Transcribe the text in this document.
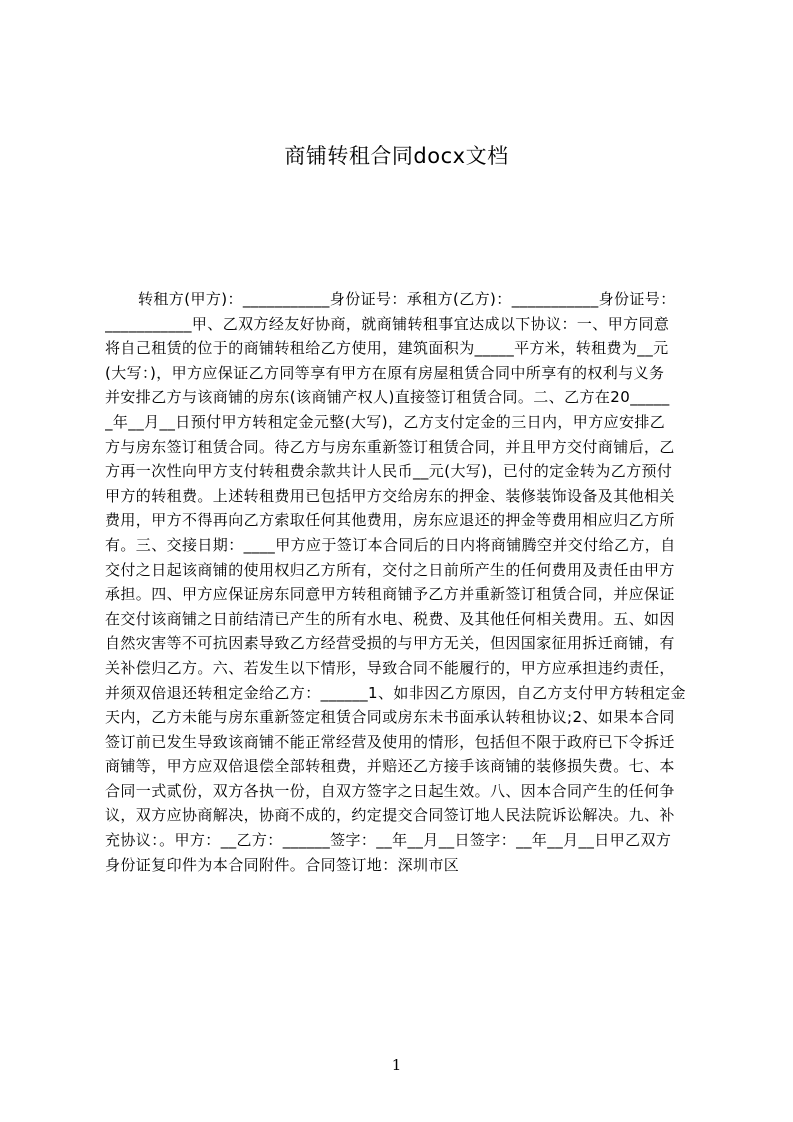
商铺转租合同docx文档
转租方(甲方)：___________身份证号：承租方(乙方)：___________身份证号：
___________甲、乙双方经友好协商，就商铺转租事宜达成以下协议：一、甲方同意
将自己租赁的位于的商铺转租给乙方使用，建筑面积为_____平方米，转租费为__元
(大写：)，甲方应保证乙方同等享有甲方在原有房屋租赁合同中所享有的权利与义务
并安排乙方与该商铺的房东(该商铺产权人)直接签订租赁合同。二、乙方在20_____
_年__月__日预付甲方转租定金元整(大写)，乙方支付定金的三日内，甲方应安排乙
方与房东签订租赁合同。待乙方与房东重新签订租赁合同，并且甲方交付商铺后，乙
方再一次性向甲方支付转租费余款共计人民币__元(大写)，已付的定金转为乙方预付
甲方的转租费。上述转租费用已包括甲方交给房东的押金、装修装饰设备及其他相关
费用，甲方不得再向乙方索取任何其他费用，房东应退还的押金等费用相应归乙方所
有。三、交接日期：____甲方应于签订本合同后的日内将商铺腾空并交付给乙方，自
交付之日起该商铺的使用权归乙方所有，交付之日前所产生的任何费用及责任由甲方
承担。四、甲方应保证房东同意甲方转租商铺予乙方并重新签订租赁合同，并应保证
在交付该商铺之日前结清已产生的所有水电、税费、及其他任何相关费用。五、如因
自然灾害等不可抗因素导致乙方经营受损的与甲方无关，但因国家征用拆迁商铺，有
关补偿归乙方。六、若发生以下情形，导致合同不能履行的，甲方应承担违约责任，
并须双倍退还转租定金给乙方：______1、如非因乙方原因，自乙方支付甲方转租定金
天内，乙方未能与房东重新签定租赁合同或房东未书面承认转租协议;2、如果本合同
签订前已发生导致该商铺不能正常经营及使用的情形，包括但不限于政府已下令拆迁
商铺等，甲方应双倍退偿全部转租费，并赔还乙方接手该商铺的装修损失费。七、本
合同一式贰份，双方各执一份，自双方签字之日起生效。八、因本合同产生的任何争
议，双方应协商解决，协商不成的，约定提交合同签订地人民法院诉讼解决。九、补
充协议：。甲方：__乙方：______签字：__年__月__日签字：__年__月__日甲乙双方
身份证复印件为本合同附件。合同签订地：深圳市区
1
